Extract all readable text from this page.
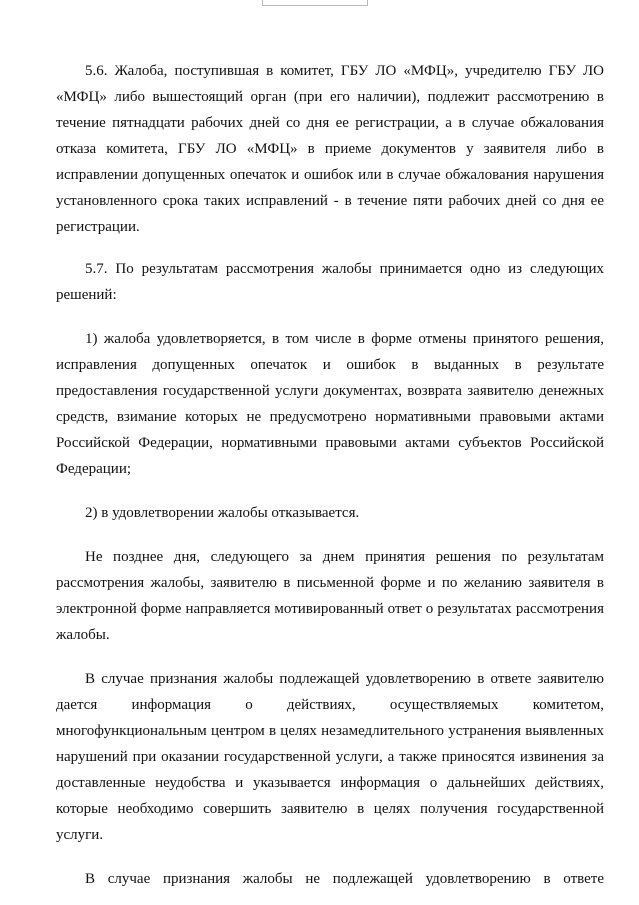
5.6. Жалоба, поступившая в комитет, ГБУ ЛО «МФЦ», учредителю ГБУ ЛО «МФЦ» либо вышестоящий орган (при его наличии), подлежит рассмотрению в течение пятнадцати рабочих дней со дня ее регистрации, а в случае обжалования отказа комитета, ГБУ ЛО «МФЦ» в приеме документов у заявителя либо в исправлении допущенных опечаток и ошибок или в случае обжалования нарушения установленного срока таких исправлений - в течение пяти рабочих дней со дня ее регистрации.

5.7. По результатам рассмотрения жалобы принимается одно из следующих решений:

1) жалоба удовлетворяется, в том числе в форме отмены принятого решения, исправления допущенных опечаток и ошибок в выданных в результате предоставления государственной услуги документах, возврата заявителю денежных средств, взимание которых не предусмотрено нормативными правовыми актами Российской Федерации, нормативными правовыми актами субъектов Российской Федерации;

2) в удовлетворении жалобы отказывается.

Не позднее дня, следующего за днем принятия решения по результатам рассмотрения жалобы, заявителю в письменной форме и по желанию заявителя в электронной форме направляется мотивированный ответ о результатах рассмотрения жалобы.

В случае признания жалобы подлежащей удовлетворению в ответе заявителю дается информация о действиях, осуществляемых комитетом, многофункциональным центром в целях незамедлительного устранения выявленных нарушений при оказании государственной услуги, а также приносятся извинения за доставленные неудобства и указывается информация о дальнейших действиях, которые необходимо совершить заявителю в целях получения государственной услуги.

В случае признания жалобы не подлежащей удовлетворению в ответе
